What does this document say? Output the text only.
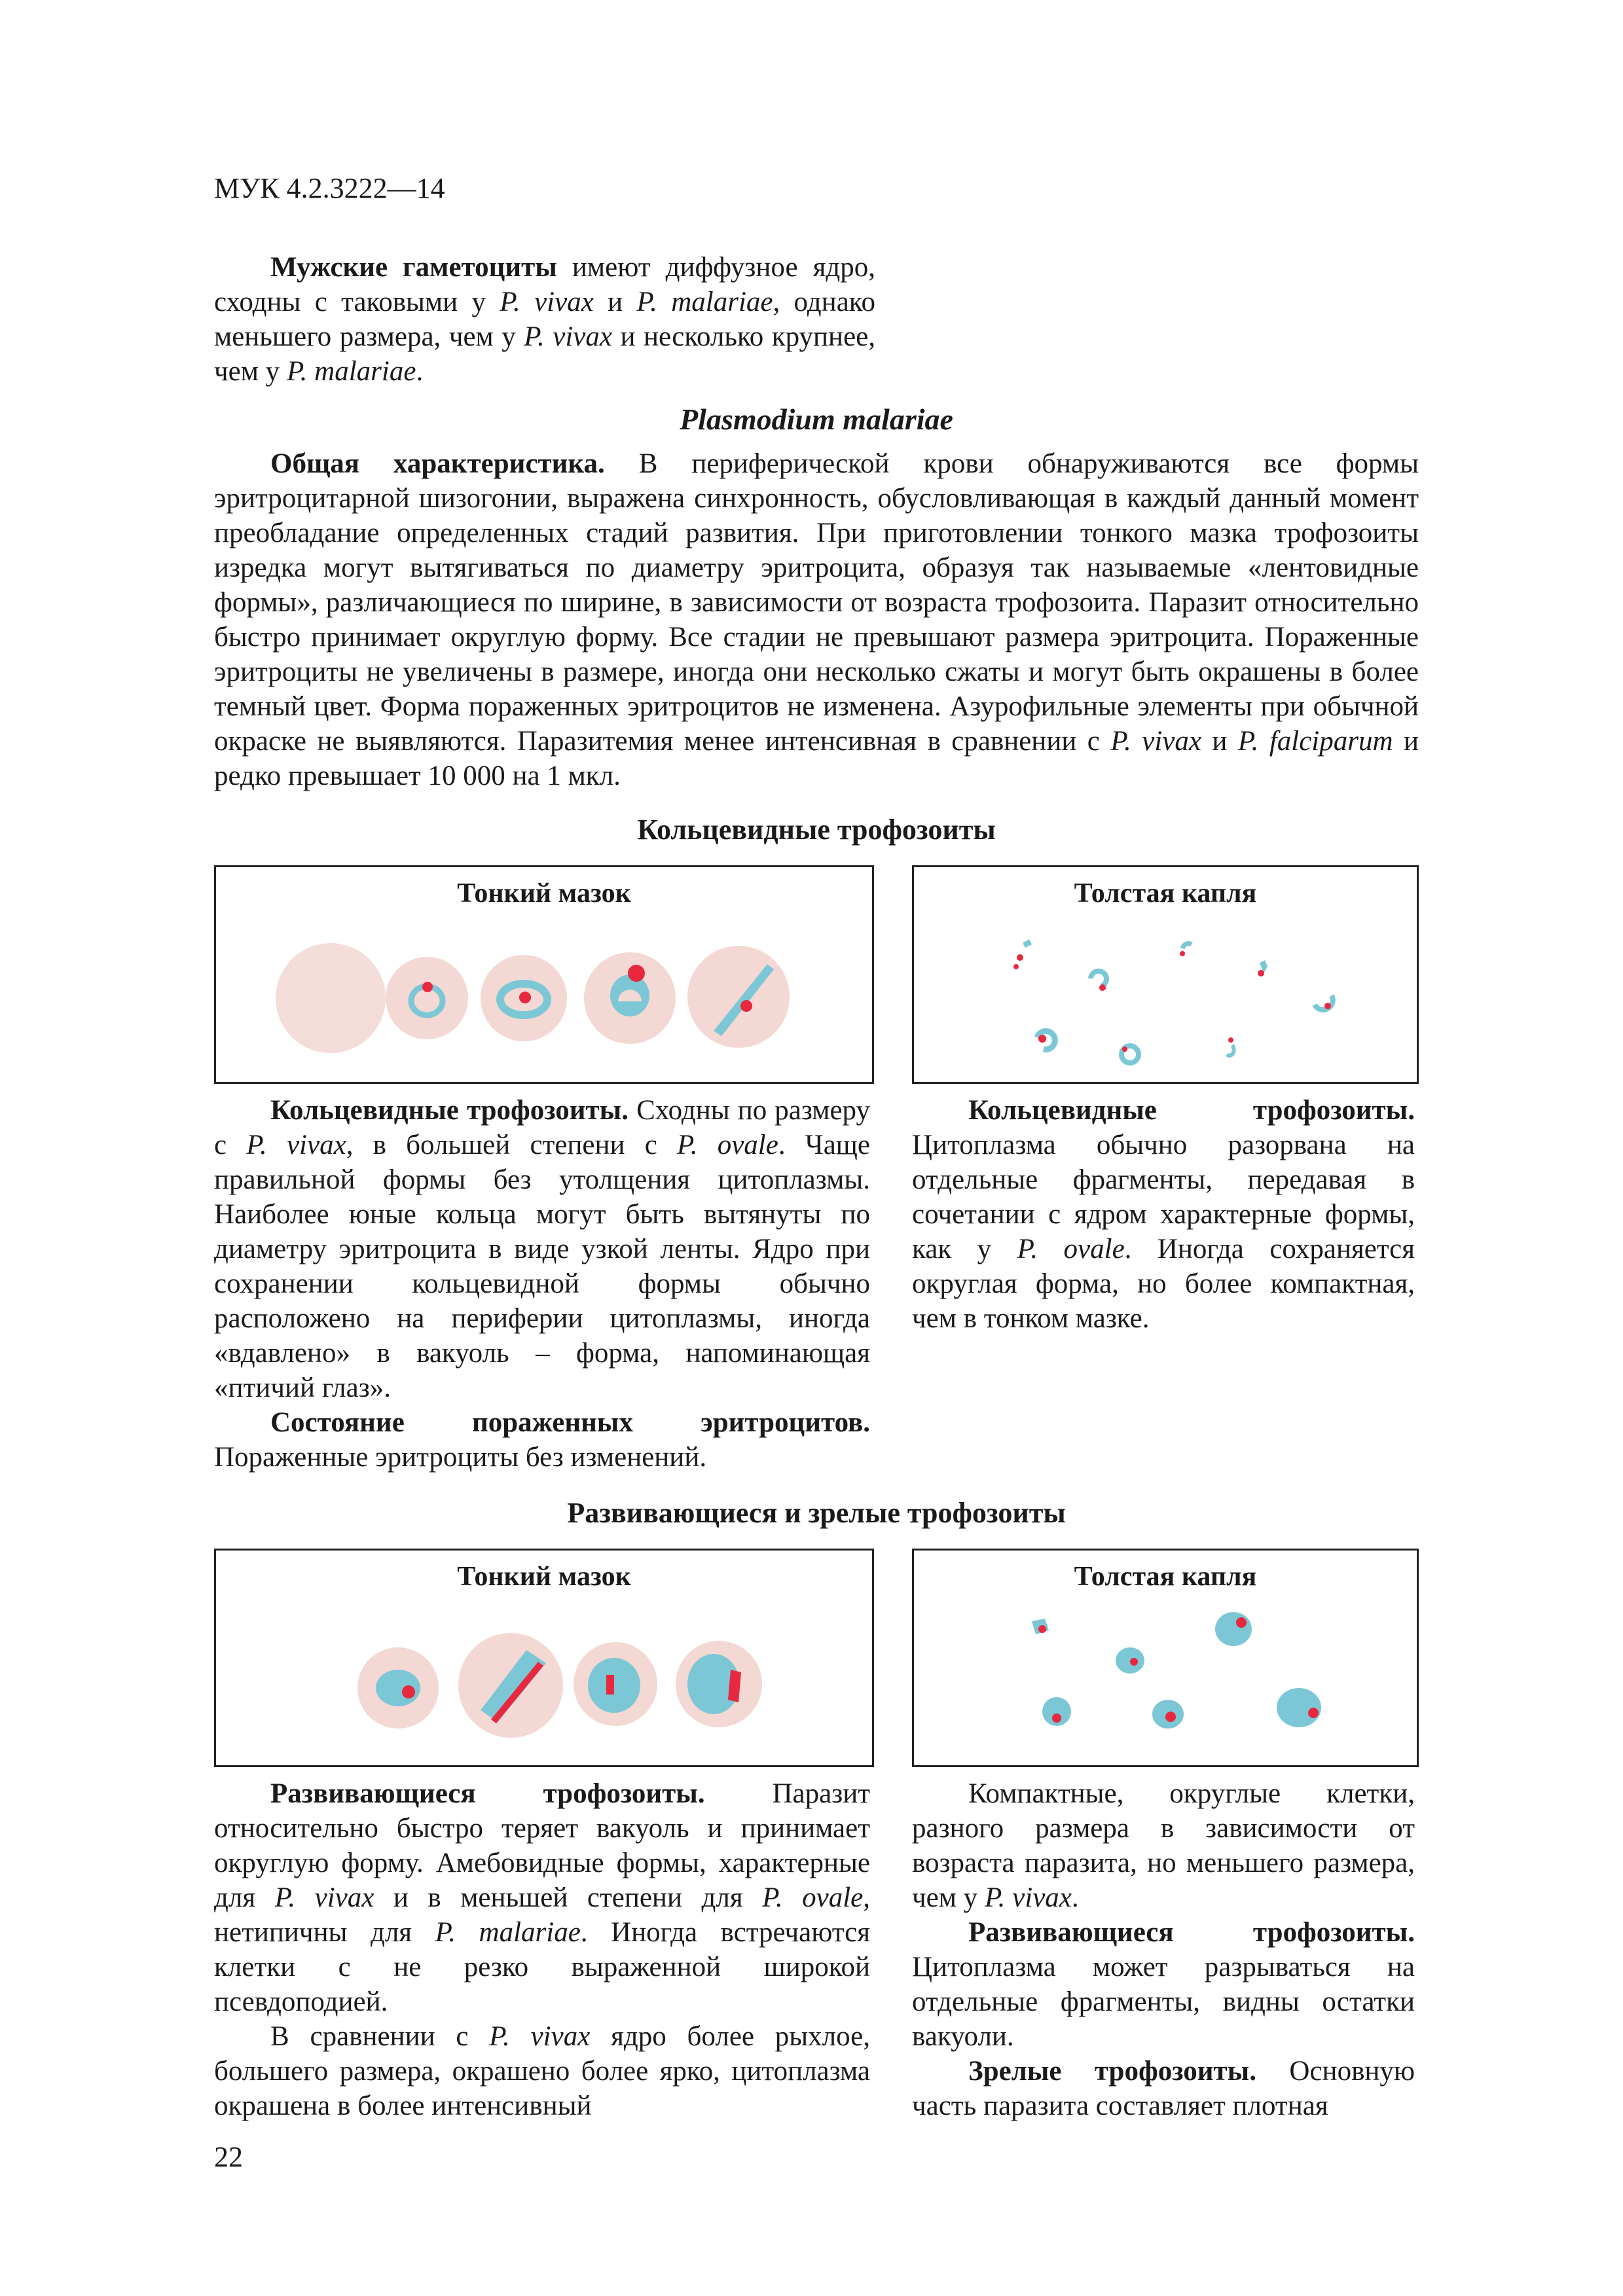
МУК 4.2.3222—14

Мужские гаметоциты имеют диффузное ядро, сходны с таковыми у P. vivax и P. malariae, однако меньшего размера, чем у P. vivax и несколько крупнее, чем у P. malariae.

Plasmodium malariae

Общая характеристика. В периферической крови обнаруживаются все формы эритроцитарной шизогонии, выражена синхронность, обусловливающая в каждый данный момент преобладание определенных стадий развития. При приготовлении тонкого мазка трофозоиты изредка могут вытягиваться по диаметру эритроцита, образуя так называемые «лентовидные формы», различающиеся по ширине, в зависимости от возраста трофозоита. Паразит относительно быстро принимает округлую форму. Все стадии не превышают размера эритроцита. Пораженные эритроциты не увеличены в размере, иногда они несколько сжаты и могут быть окрашены в более темный цвет. Форма пораженных эритроцитов не изменена. Азурофильные элементы при обычной окраске не выявляются. Паразитемия менее интенсивная в сравнении с P. vivax и P. falciparum и редко превышает 10 000 на 1 мкл.

Кольцевидные трофозоиты
Тонкий мазок	Толстая капля

Кольцевидные трофозоиты. Сходны по размеру с P. vivax, в большей степени с P. ovale. Чаще правильной формы без утолщения цитоплазмы. Наиболее юные кольца могут быть вытянуты по диаметру эритроцита в виде узкой ленты. Ядро при сохранении кольцевидной формы обычно расположено на периферии цитоплазмы, иногда «вдавлено» в вакуоль – форма, напоминающая «птичий глаз».

Состояние пораженных эритроцитов. Пораженные эритроциты без изменений.

Кольцевидные трофозоиты. Цитоплазма обычно разорвана на отдельные фрагменты, передавая в сочетании с ядром характерные формы, как у P. ovale. Иногда сохраняется округлая форма, но более компактная, чем в тонком мазке.

Развивающиеся и зрелые трофозоиты
Тонкий мазок	Толстая капля

Развивающиеся трофозоиты. Паразит относительно быстро теряет вакуоль и принимает округлую форму. Амебовидные формы, характерные для P. vivax и в меньшей степени для P. ovale, нетипичны для P. malariae. Иногда встречаются клетки с не резко выраженной широкой псевдоподией.

В сравнении с P. vivax ядро более рыхлое, большего размера, окрашено более ярко, цитоплазма окрашена в более интенсивный

Компактные, округлые клетки, разного размера в зависимости от возраста паразита, но меньшего размера, чем у P. vivax.

Развивающиеся трофозоиты. Цитоплазма может разрываться на отдельные фрагменты, видны остатки вакуоли.

Зрелые трофозоиты. Основную часть паразита составляет плотная

22
